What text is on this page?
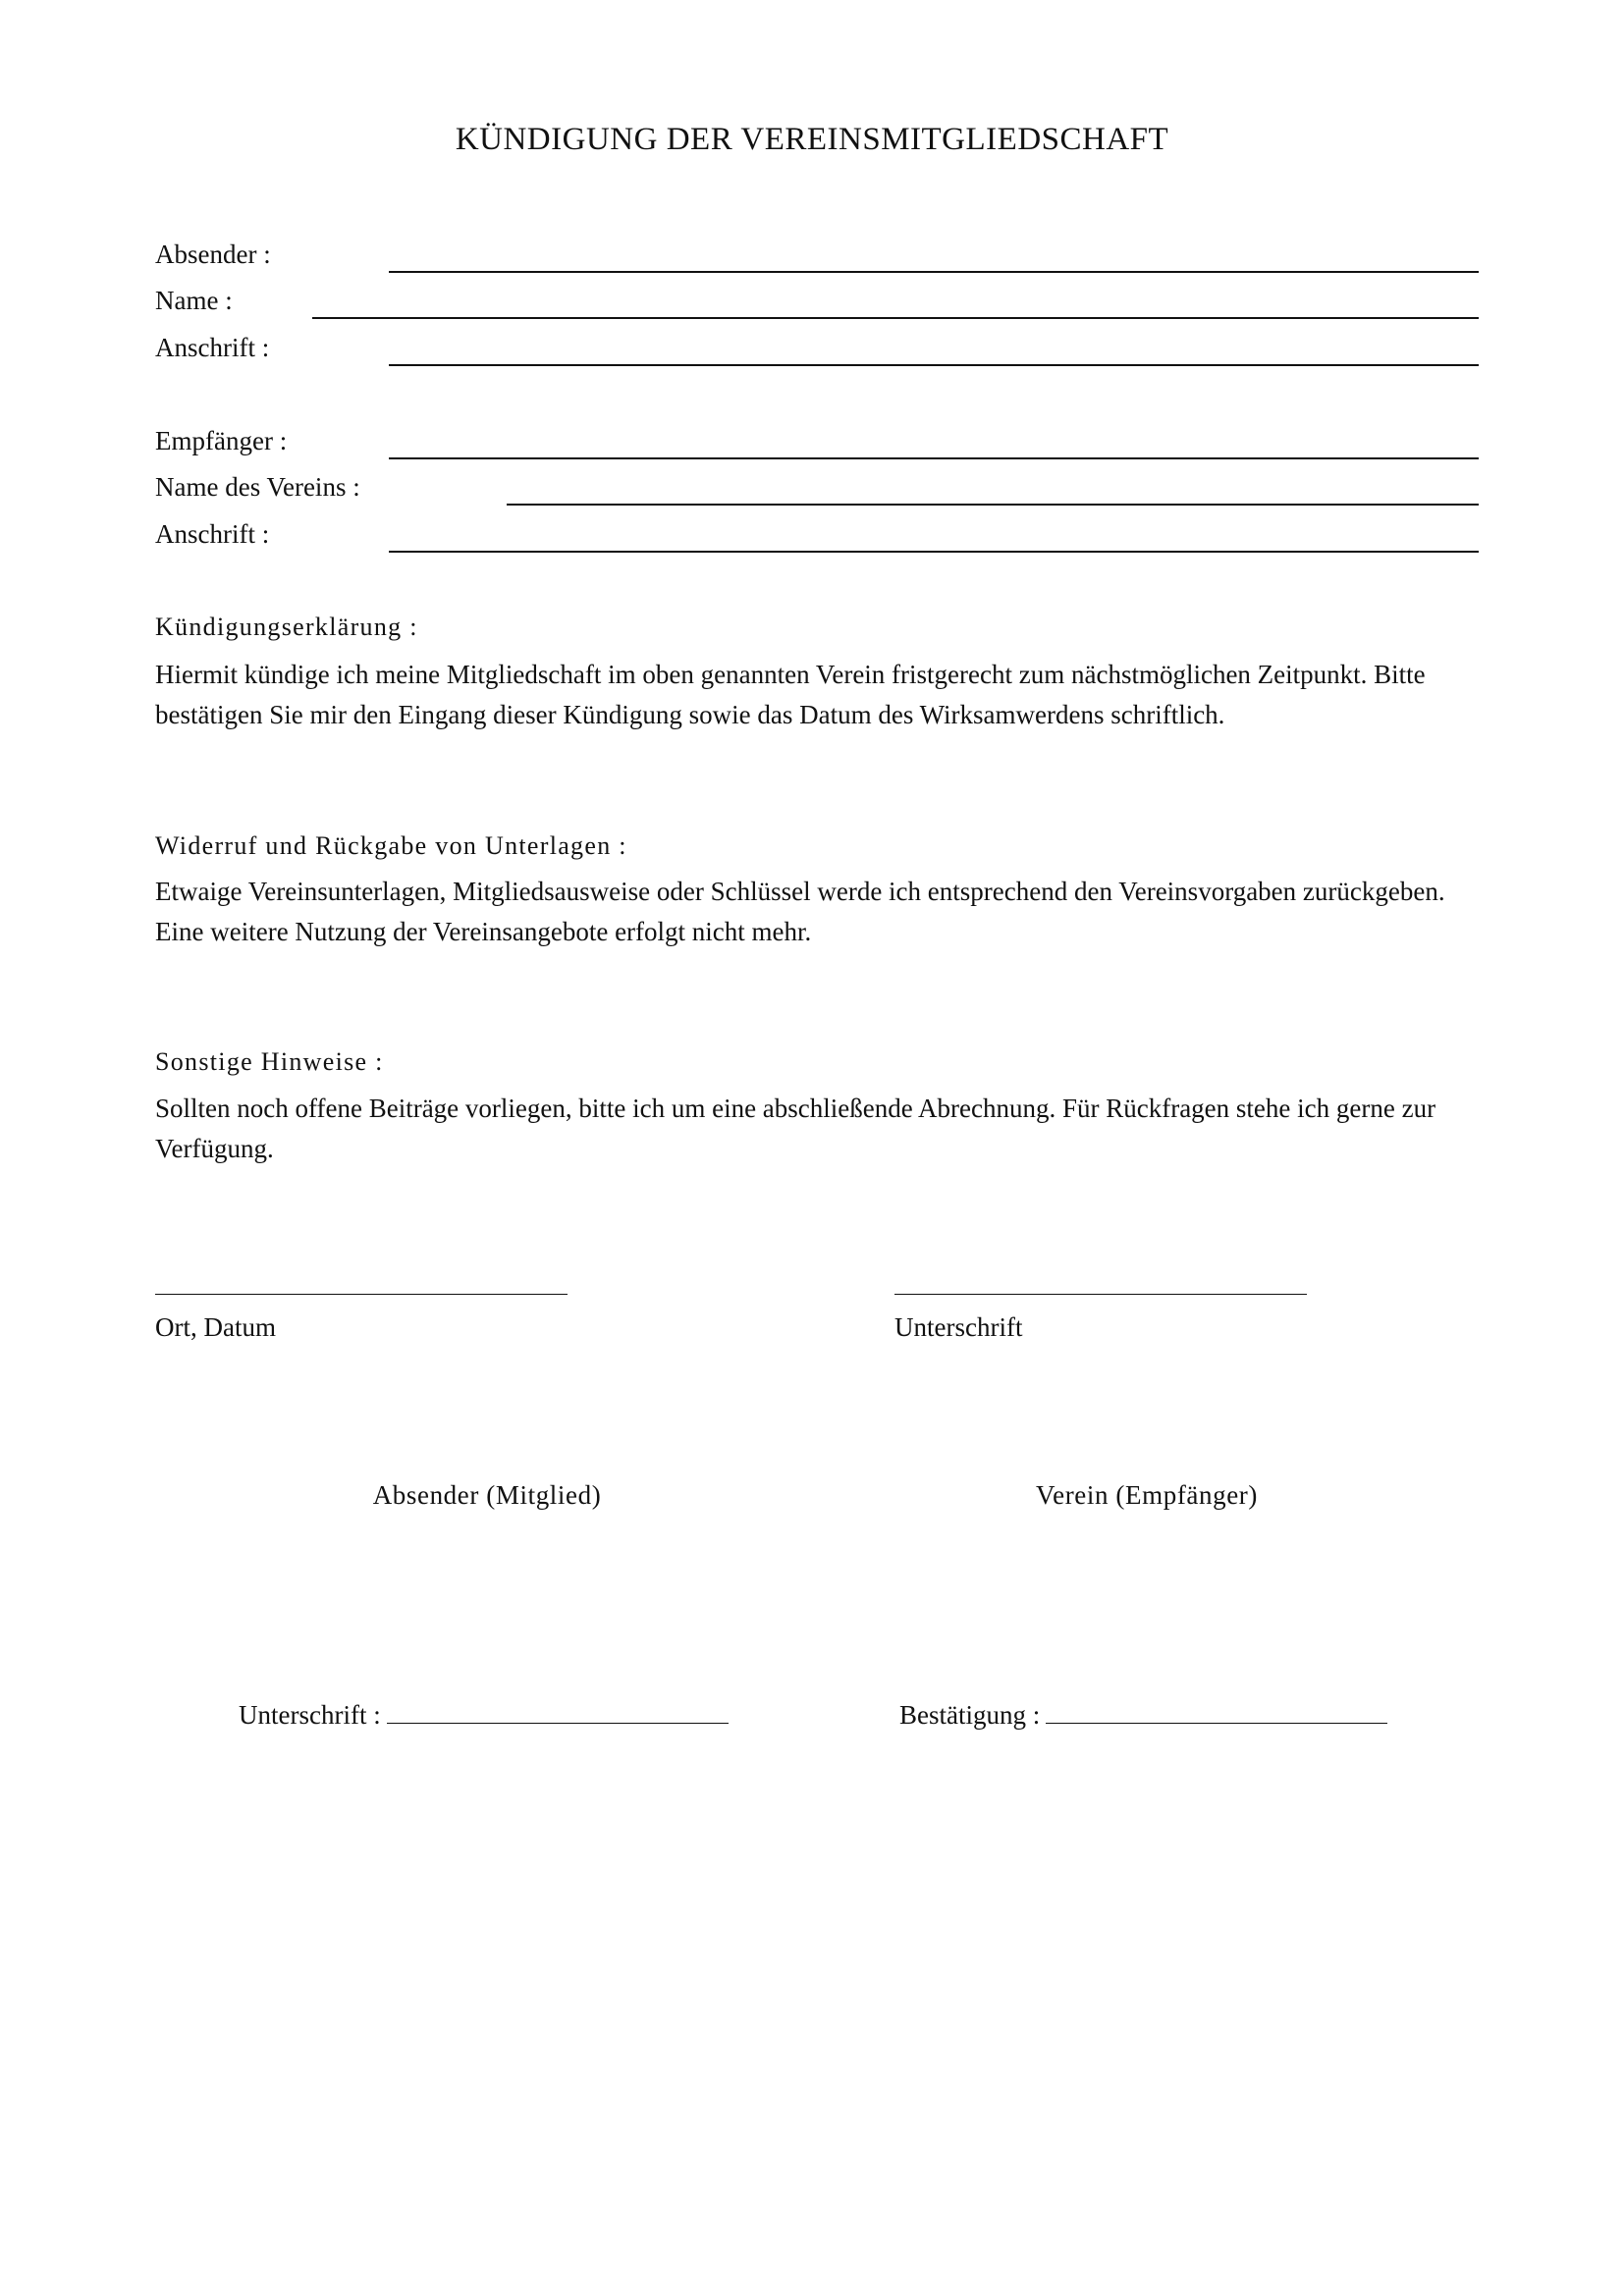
KÜNDIGUNG DER VEREINSMITGLIEDSCHAFT
Absender :
Name :
Anschrift :
Empfänger :
Name des Vereins :
Anschrift :
Kündigungserklärung :
Hiermit kündige ich meine Mitgliedschaft im oben genannten Verein fristgerecht zum nächstmöglichen Zeitpunkt. Bitte bestätigen Sie mir den Eingang dieser Kündigung sowie das Datum des Wirksamwerdens schriftlich.
Widerruf und Rückgabe von Unterlagen :
Etwaige Vereinsunterlagen, Mitgliedsausweise oder Schlüssel werde ich entsprechend den Vereinsvorgaben zurückgeben. Eine weitere Nutzung der Vereinsangebote erfolgt nicht mehr.
Sonstige Hinweise :
Sollten noch offene Beiträge vorliegen, bitte ich um eine abschließende Abrechnung. Für Rückfragen stehe ich gerne zur Verfügung.
Ort, Datum	Unterschrift
Absender (Mitglied)	Verein (Empfänger)
Unterschrift :	Bestätigung :
